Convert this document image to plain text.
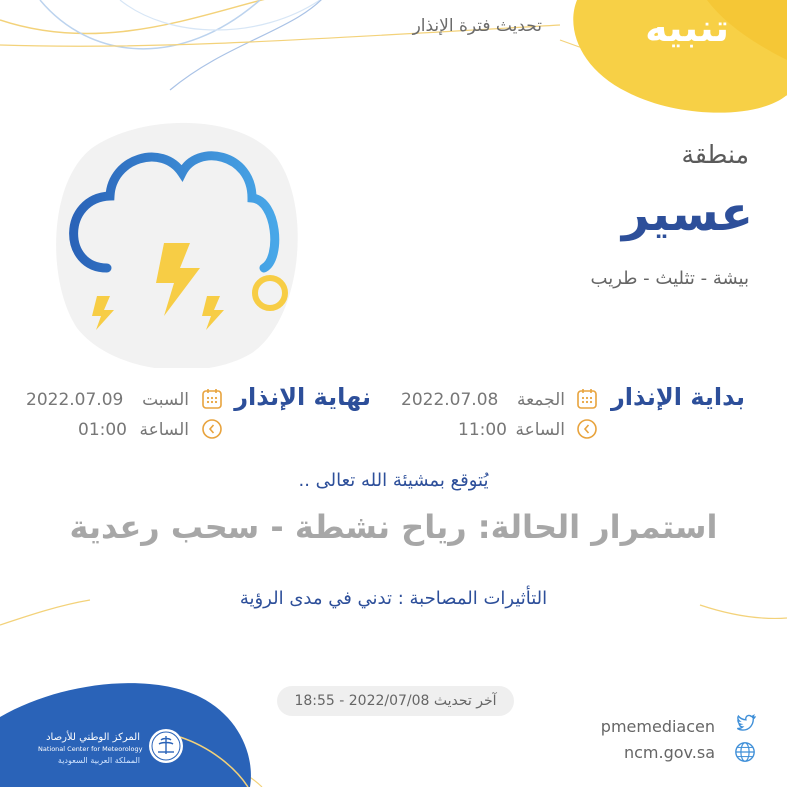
تنبيه
تحديث فترة الإنذار
منطقة
عسير
بيشة - تثليث - طريب
بداية الإنذار
الجمعة
2022.07.08
الساعة
11:00
نهاية الإنذار
السبت
2022.07.09
الساعة
01:00
يُتوقع بمشيئة الله تعالى ..
استمرار الحالة: رياح نشطة - سحب رعدية
التأثيرات المصاحبة : تدني في مدى الرؤية
آخر تحديث 2022/07/08 - 18:55
pmemediacen
ncm.gov.sa
المركز الوطني للأرصاد
National Center for Meteorology
المملكة العربية السعودية
